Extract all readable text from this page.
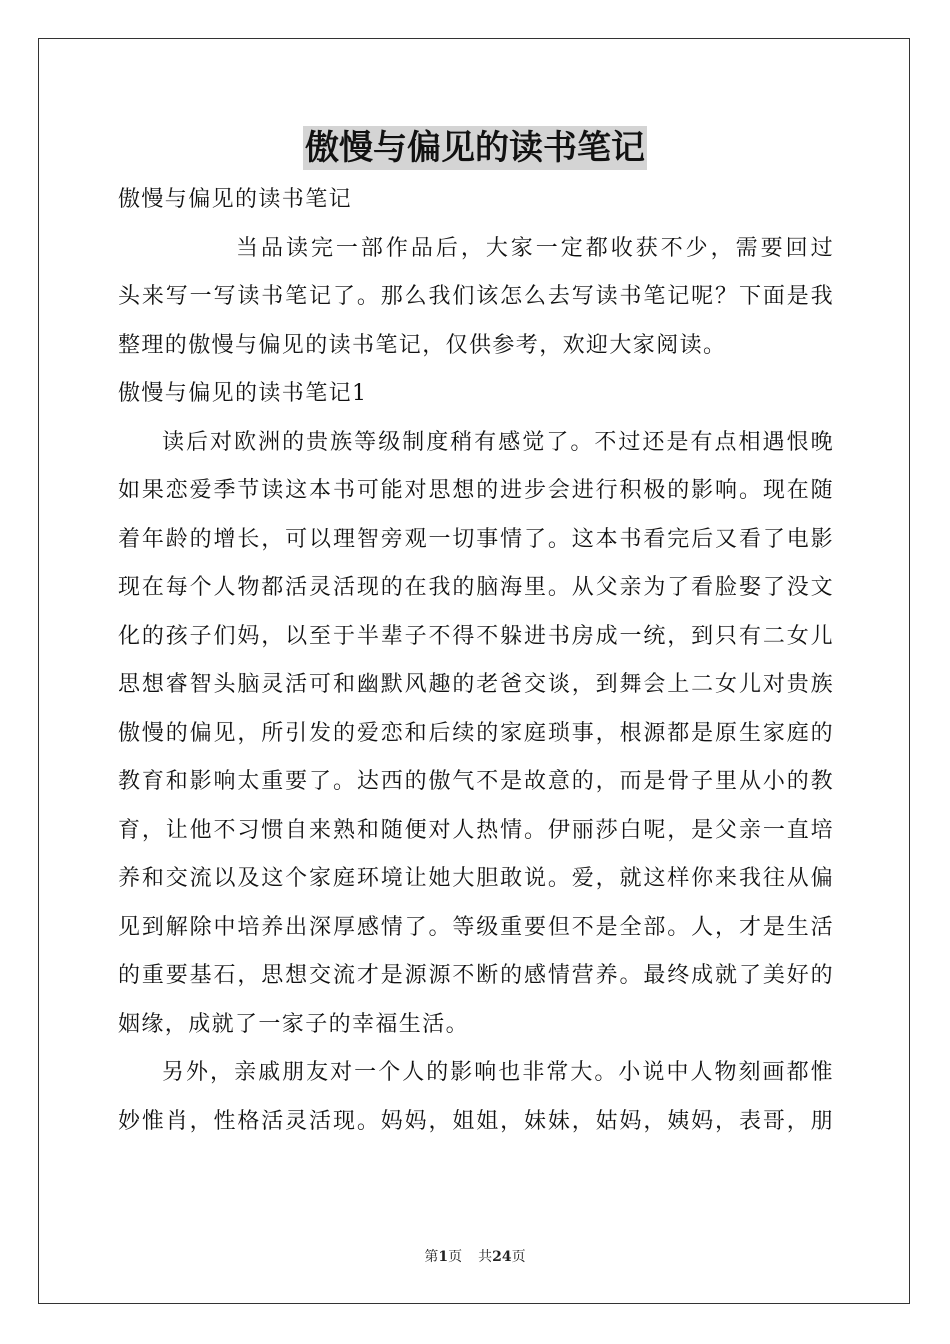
傲慢与偏见的读书笔记
傲慢与偏见的读书笔记
当品读完一部作品后，大家一定都收获不少，需要回过
头来写一写读书笔记了。那么我们该怎么去写读书笔记呢？下面是我
整理的傲慢与偏见的读书笔记，仅供参考，欢迎大家阅读。
傲慢与偏见的读书笔记1
读后对欧洲的贵族等级制度稍有感觉了。不过还是有点相遇恨晚
如果恋爱季节读这本书可能对思想的进步会进行积极的影响。现在随
着年龄的增长，可以理智旁观一切事情了。这本书看完后又看了电影
现在每个人物都活灵活现的在我的脑海里。从父亲为了看脸娶了没文
化的孩子们妈，以至于半辈子不得不躲进书房成一统，到只有二女儿
思想睿智头脑灵活可和幽默风趣的老爸交谈，到舞会上二女儿对贵族
傲慢的偏见，所引发的爱恋和后续的家庭琐事，根源都是原生家庭的
教育和影响太重要了。达西的傲气不是故意的，而是骨子里从小的教
育，让他不习惯自来熟和随便对人热情。伊丽莎白呢，是父亲一直培
养和交流以及这个家庭环境让她大胆敢说。爱，就这样你来我往从偏
见到解除中培养出深厚感情了。等级重要但不是全部。人，才是生活
的重要基石，思想交流才是源源不断的感情营养。最终成就了美好的
姻缘，成就了一家子的幸福生活。
另外，亲戚朋友对一个人的影响也非常大。小说中人物刻画都惟
妙惟肖，性格活灵活现。妈妈，姐姐，妹妹，姑妈，姨妈，表哥，朋
第1页 共24页
